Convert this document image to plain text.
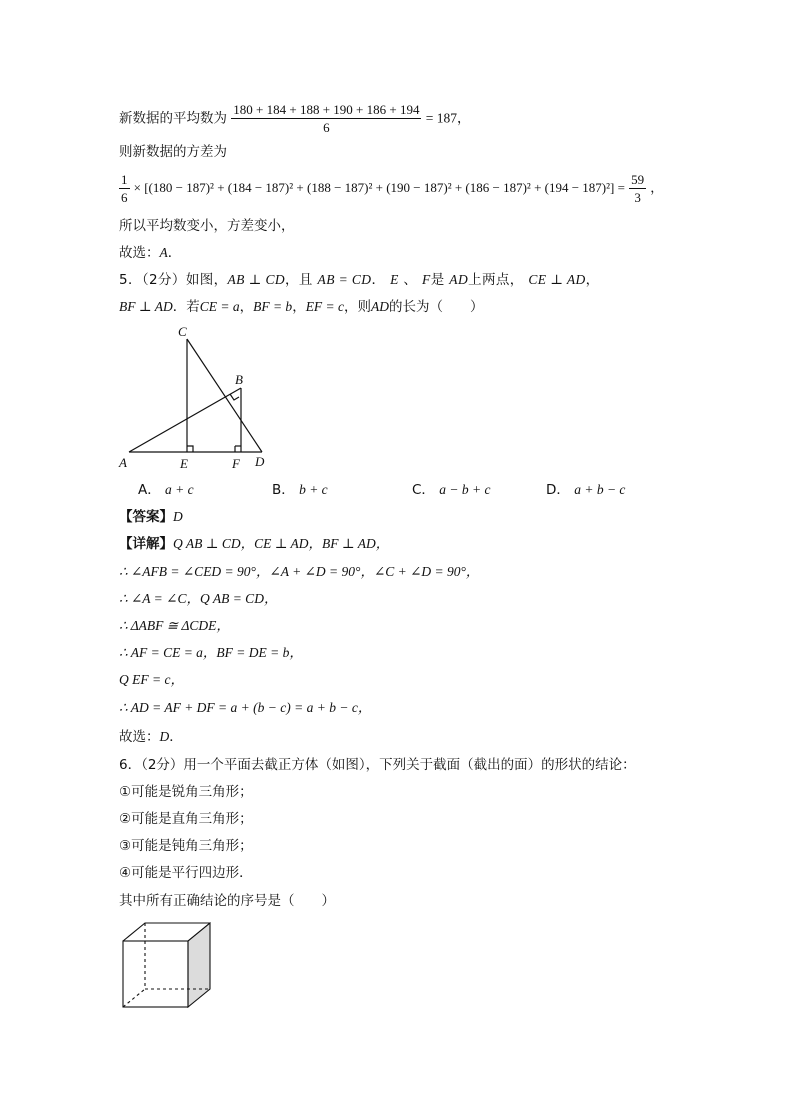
新数据的平均数为 $\frac{180 + 184 + 188 + 190 + 186 + 194}{6} = 187$，
则新数据的方差为
$\frac{1}{6} \times [(180 - 187)^2 + (184 - 187)^2 + (188 - 187)^2 + (190 - 187)^2 + (186 - 187)^2 + (194 - 187)^2] = \frac{59}{3}$ ，
所以平均数变小，方差变小，
故选：A．
5．（2分）如图，AB ⊥ CD，且 AB = CD． E 、 F是 AD上两点， CE ⊥ AD，
BF ⊥ AD．若CE = a，BF = b，EF = c，则AD的长为（　　）
C
B
A	E	F D
A． a + c	B． b + c	C． a − b + c	D． a + b − c
【答案】D
【详解】Q AB ⊥ CD，CE ⊥ AD，BF ⊥ AD，
∴ ∠AFB = ∠CED = 90°，∠A + ∠D = 90°，∠C + ∠D = 90°，
∴ ∠A = ∠C，Q AB = CD，
∴ ΔABF ≅ ΔCDE，
∴ AF = CE = a，BF = DE = b，
Q EF = c，
∴ AD = AF + DF = a + (b − c) = a + b − c，
故选：D．
6．（2分）用一个平面去截正方体（如图），下列关于截面（截出的面）的形状的结论：
①可能是锐角三角形；
②可能是直角三角形；
③可能是钝角三角形；
④可能是平行四边形．
其中所有正确结论的序号是（　　）
